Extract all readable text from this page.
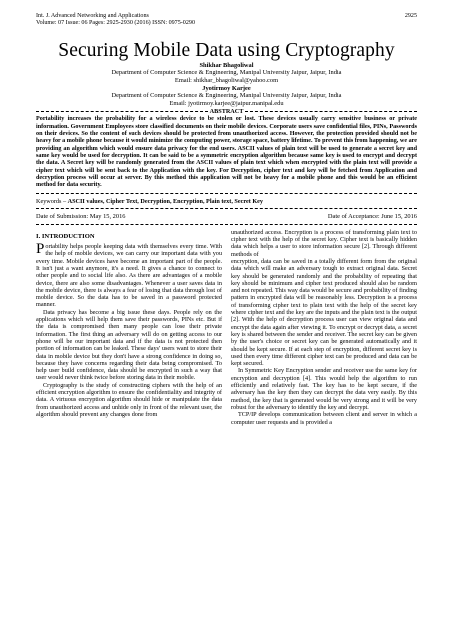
Int. J. Advanced Networking and Applications
Volume: 07 Issue: 06 Pages: 2925-2930 (2016) ISSN: 0975-0290
2925
Securing Mobile Data using Cryptography
Shikhar Bhagoliwal
Department of Computer Science & Engineering, Manipal University Jaipur, Jaipur, India
Email: shikhar_bhagoliwal@yahoo.com
Jyotirmoy Karjee
Department of Computer Science & Engineering, Manipal University Jaipur, Jaipur, India
Email: jyotirmoy.karjee@jaipur.manipal.edu
ABSTRACT
Portability increases the probability for a wireless device to be stolen or lost. These devices usually carry sensitive business or private information. Government Employees store classified documents on their mobile devices. Corporate users save confidential files, PINs, Passwords on their devices. So the content of such devices should be protected from unauthorized access. However, the protection provided should not be heavy for a mobile phone because it would minimize the computing power, storage space, battery lifetime. To prevent this from happening, we are providing an algorithm which would ensure data privacy for the end users. ASCII values of plain text will be used to generate a secret key and same key would be used for decryption. It can be said to be a symmetric encryption algorithm because same key is used to encrypt and decrypt the data. A Secret key will be randomly generated from the ASCII values of plain text which when encrypted with the plain text will provide a cipher text which will be sent back to the Application with the key. For Decryption, cipher text and key will be fetched from Application and decryption process will occur at server. By this method this application will not be heavy for a mobile phone and this would be an efficient method for data security.
Keywords – ASCII values, Cipher Text, Decryption, Encryption, Plain text, Secret Key
Date of Submission: May 15, 2016	Date of Acceptance: June 15, 2016
I. INTRODUCTION

Portability helps people keeping data with themselves every time. With the help of mobile devices, we can carry our important data with you every time. Mobile devices have become an important part of the people. It isn't just a want anymore, it's a need. It gives a chance to connect to other people and to social life also. As there are advantages of a mobile device, there are also some disadvantages. Whenever a user saves data in the mobile device, there is always a fear of losing that data through lost of mobile device. So the data has to be saved in a password protected manner.

Data privacy has become a big issue these days. People rely on the applications which will help them save their passwords, PINs etc. But if the data is compromised then many people can lose their private information. The first thing an adversary will do on getting access to our phone will be our important data and if the data is not protected then portion of information can be leaked. These days' users want to store their data in mobile device but they don't have a strong confidence in doing so, because they have concerns regarding their data being compromised. To help user build confidence, data should be encrypted in such a way that user would never think twice before storing data in their mobile.

Cryptography is the study of constructing ciphers with the help of an efficient encryption algorithm to ensure the confidentiality and integrity of data. A virtuous encryption algorithm should hide or manipulate the data from unauthorized access and unhide only in front of the relevant user, the algorithm should prevent any changes done from

unauthorized access. Encryption is a process of transforming plain text to cipher text with the help of the secret key. Cipher text is basically hidden data which helps a user to store information secure [2]. Through different methods of

encryption, data can be saved in a totally different form from the original data which will make an adversary tough to extract original data. Secret key should be generated randomly and the probability of repeating that key should be minimum and cipher text produced should also be random and not repeated. This way data would be secure and probability of finding pattern in encrypted data will be reasonably less. Decryption is a process of transforming cipher text to plain text with the help of the secret key where cipher text and the key are the inputs and the plain text is the output [2]. With the help of decryption process user can view original data and encrypt the data again after viewing it. To encrypt or decrypt data, a secret key is shared between the sender and receiver. The secret key can be given by the user's choice or secret key can be generated automatically and it should be kept secure. If at each step of encryption, different secret key is used then every time different cipher text can be produced and data can be kept secured.

In Symmetric Key Encryption sender and receiver use the same key for encryption and decryption [4]. This would help the algorithm to run efficiently and relatively fast. The key has to be kept secure, if the adversary has the key then they can decrypt the data very easily. By this method, the key that is generated would be very strong and it will be very robust for the adversary to identify the key and decrypt.

TCP/IP develops communication between client and server in which a computer user requests and is provided a
